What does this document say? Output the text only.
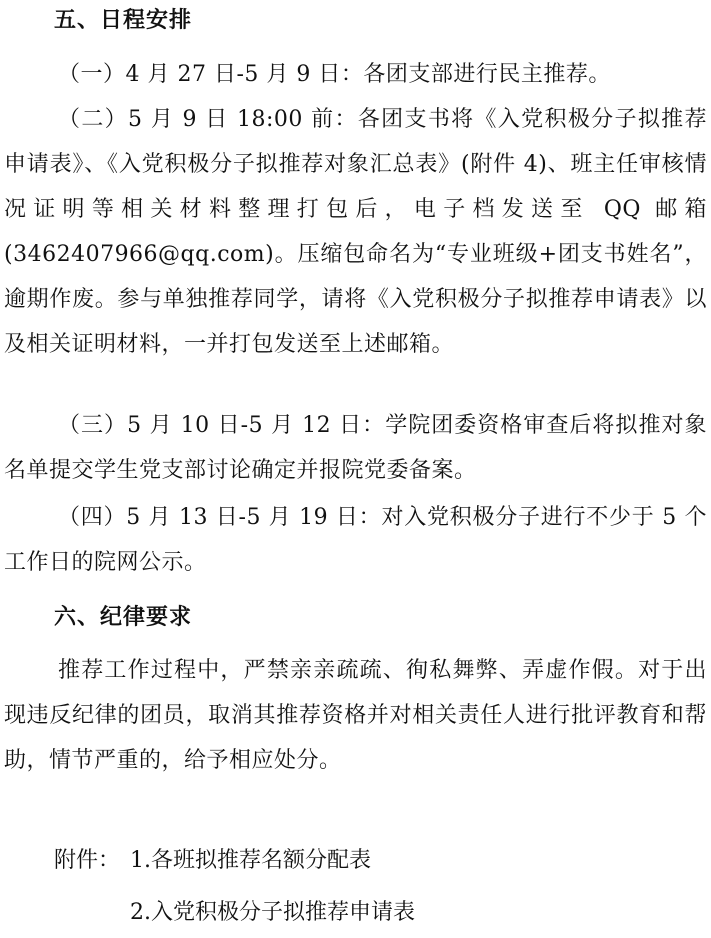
五、日程安排
（一）4 月 27 日-5 月 9 日：各团支部进行民主推荐。
（二）5 月 9 日 18:00 前：各团支书将《入党积极分子拟推荐申请表》、《入党积极分子拟推荐对象汇总表》(附件 4)、班主任审核情况证明等相关材料整理打包后，电子档发送至 QQ 邮箱(3462407966@qq.com)。压缩包命名为“专业班级+团支书姓名”，逾期作废。参与单独推荐同学，请将《入党积极分子拟推荐申请表》以及相关证明材料，一并打包发送至上述邮箱。
（三）5 月 10 日-5 月 12 日：学院团委资格审查后将拟推对象名单提交学生党支部讨论确定并报院党委备案。
（四）5 月 13 日-5 月 19 日：对入党积极分子进行不少于 5 个工作日的院网公示。
六、纪律要求
推荐工作过程中，严禁亲亲疏疏、徇私舞弊、弄虚作假。对于出现违反纪律的团员，取消其推荐资格并对相关责任人进行批评教育和帮助，情节严重的，给予相应处分。
附件： 1.各班拟推荐名额分配表
2.入党积极分子拟推荐申请表
